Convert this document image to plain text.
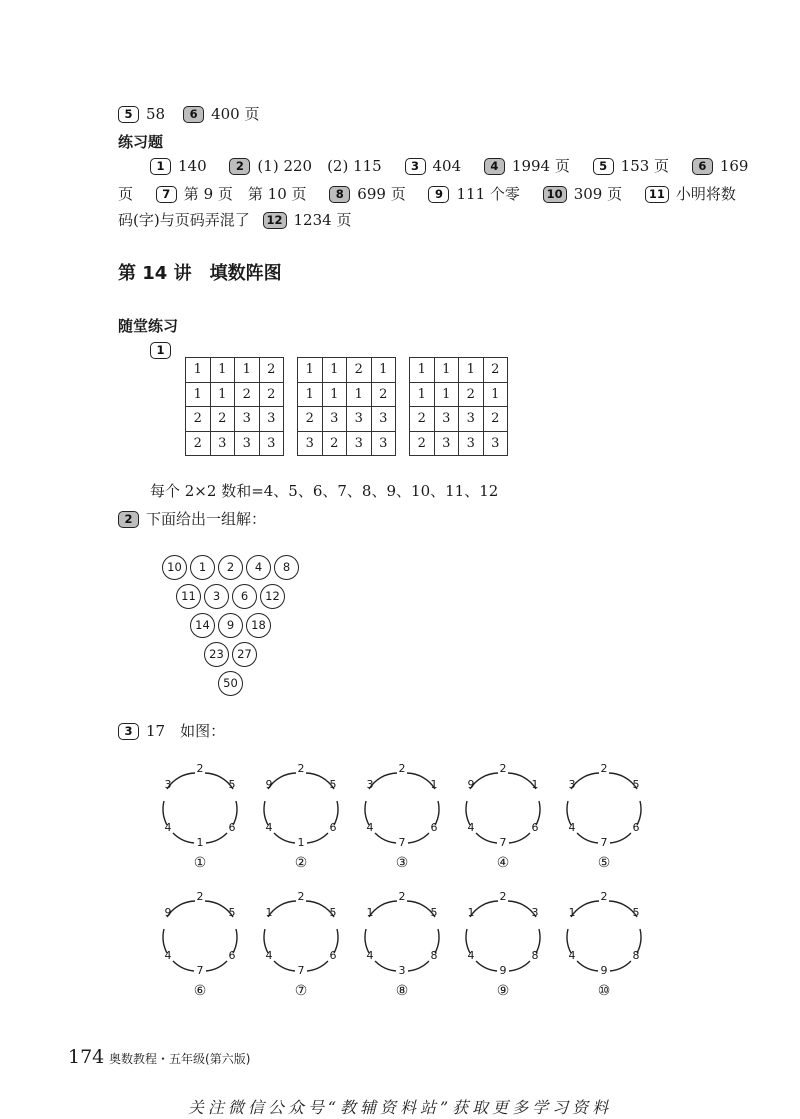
5 58 6 400 页
练习题
1 140	2 (1) 220　(2) 115	3 404	4 1994 页	5 153 页	6 169
页	7 第 9 页　第 10 页	8 699 页	9 111 个零 10 309 页 11 小明将数
码(字)与页码弄混了 12 1234 页
第 14 讲　填数阵图
随堂练习
1
1	1	1	2
1	1	2	2
2	2	3	3
2	3	3	3
1	1	2	1
1	1	1	2
2	3	3	3
3	2	3	3
1	1	1	2
1	1	2	1
2	3	3	2
2	3	3	3
每个 2×2 数和=4、5、6、7、8、9、10、11、12
2 下面给出一组解：
10	1	2	4	8
11	3	6	12
14	9	18
23	27
50
3 17　如图：
2
3	5
4	6
1
①
2
9	5
4	6
1
②
2
3	1
4	6
7
③
2
9	1
4	6
7
④
2
3	5
4	6
7
⑤
2
9	5
4	6
7
⑥
2
1	5
4	6
7
⑦
2
1	5
4	8
3
⑧
2
1	3
4	8
9
⑨
2
1	5
4	8
9
⑩
174 奥数教程・五年级(第六版)
关注微信公众号“教辅资料站”获取更多学习资料
